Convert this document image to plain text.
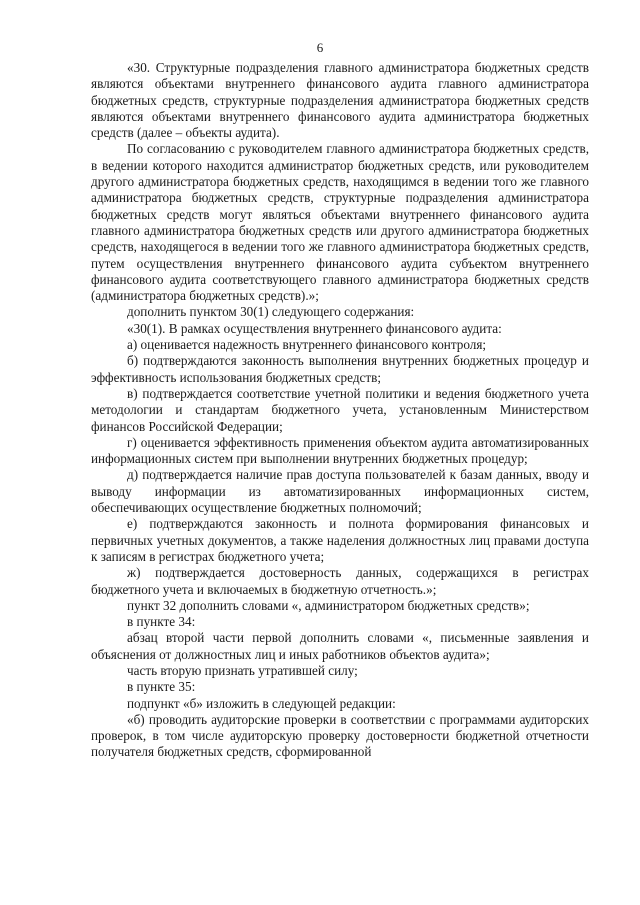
6

«30. Структурные подразделения главного администратора бюджетных средств являются объектами внутреннего финансового аудита главного администратора бюджетных средств, структурные подразделения администратора бюджетных средств являются объектами внутреннего финансового аудита администратора бюджетных средств (далее – объекты аудита).

По согласованию с руководителем главного администратора бюджетных средств, в ведении которого находится администратор бюджетных средств, или руководителем другого администратора бюджетных средств, находящимся в ведении того же главного администратора бюджетных средств, структурные подразделения администратора бюджетных средств могут являться объектами внутреннего финансового аудита главного администратора бюджетных средств или другого администратора бюджетных средств, находящегося в ведении того же главного администратора бюджетных средств, путем осуществления внутреннего финансового аудита субъектом внутреннего финансового аудита соответствующего главного администратора бюджетных средств (администратора бюджетных средств).»;

дополнить пунктом 30(1) следующего содержания:

«30(1). В рамках осуществления внутреннего финансового аудита:

а) оценивается надежность внутреннего финансового контроля;

б) подтверждаются законность выполнения внутренних бюджетных процедур и эффективность использования бюджетных средств;

в) подтверждается соответствие учетной политики и ведения бюджетного учета методологии и стандартам бюджетного учета, установленным Министерством финансов Российской Федерации;

г) оценивается эффективность применения объектом аудита автоматизированных информационных систем при выполнении внутренних бюджетных процедур;

д) подтверждается наличие прав доступа пользователей к базам данных, вводу и выводу информации из автоматизированных информационных систем, обеспечивающих осуществление бюджетных полномочий;

е) подтверждаются законность и полнота формирования финансовых и первичных учетных документов, а также наделения должностных лиц правами доступа к записям в регистрах бюджетного учета;

ж) подтверждается достоверность данных, содержащихся в регистрах бюджетного учета и включаемых в бюджетную отчетность.»;

пункт 32 дополнить словами «, администратором бюджетных средств»;

в пункте 34:

абзац второй части первой дополнить словами «, письменные заявления и объяснения от должностных лиц и иных работников объектов аудита»;

часть вторую признать утратившей силу;

в пункте 35:

подпункт «б» изложить в следующей редакции:

«б) проводить аудиторские проверки в соответствии с программами аудиторских проверок, в том числе аудиторскую проверку достоверности бюджетной отчетности получателя бюджетных средств, сформированной
